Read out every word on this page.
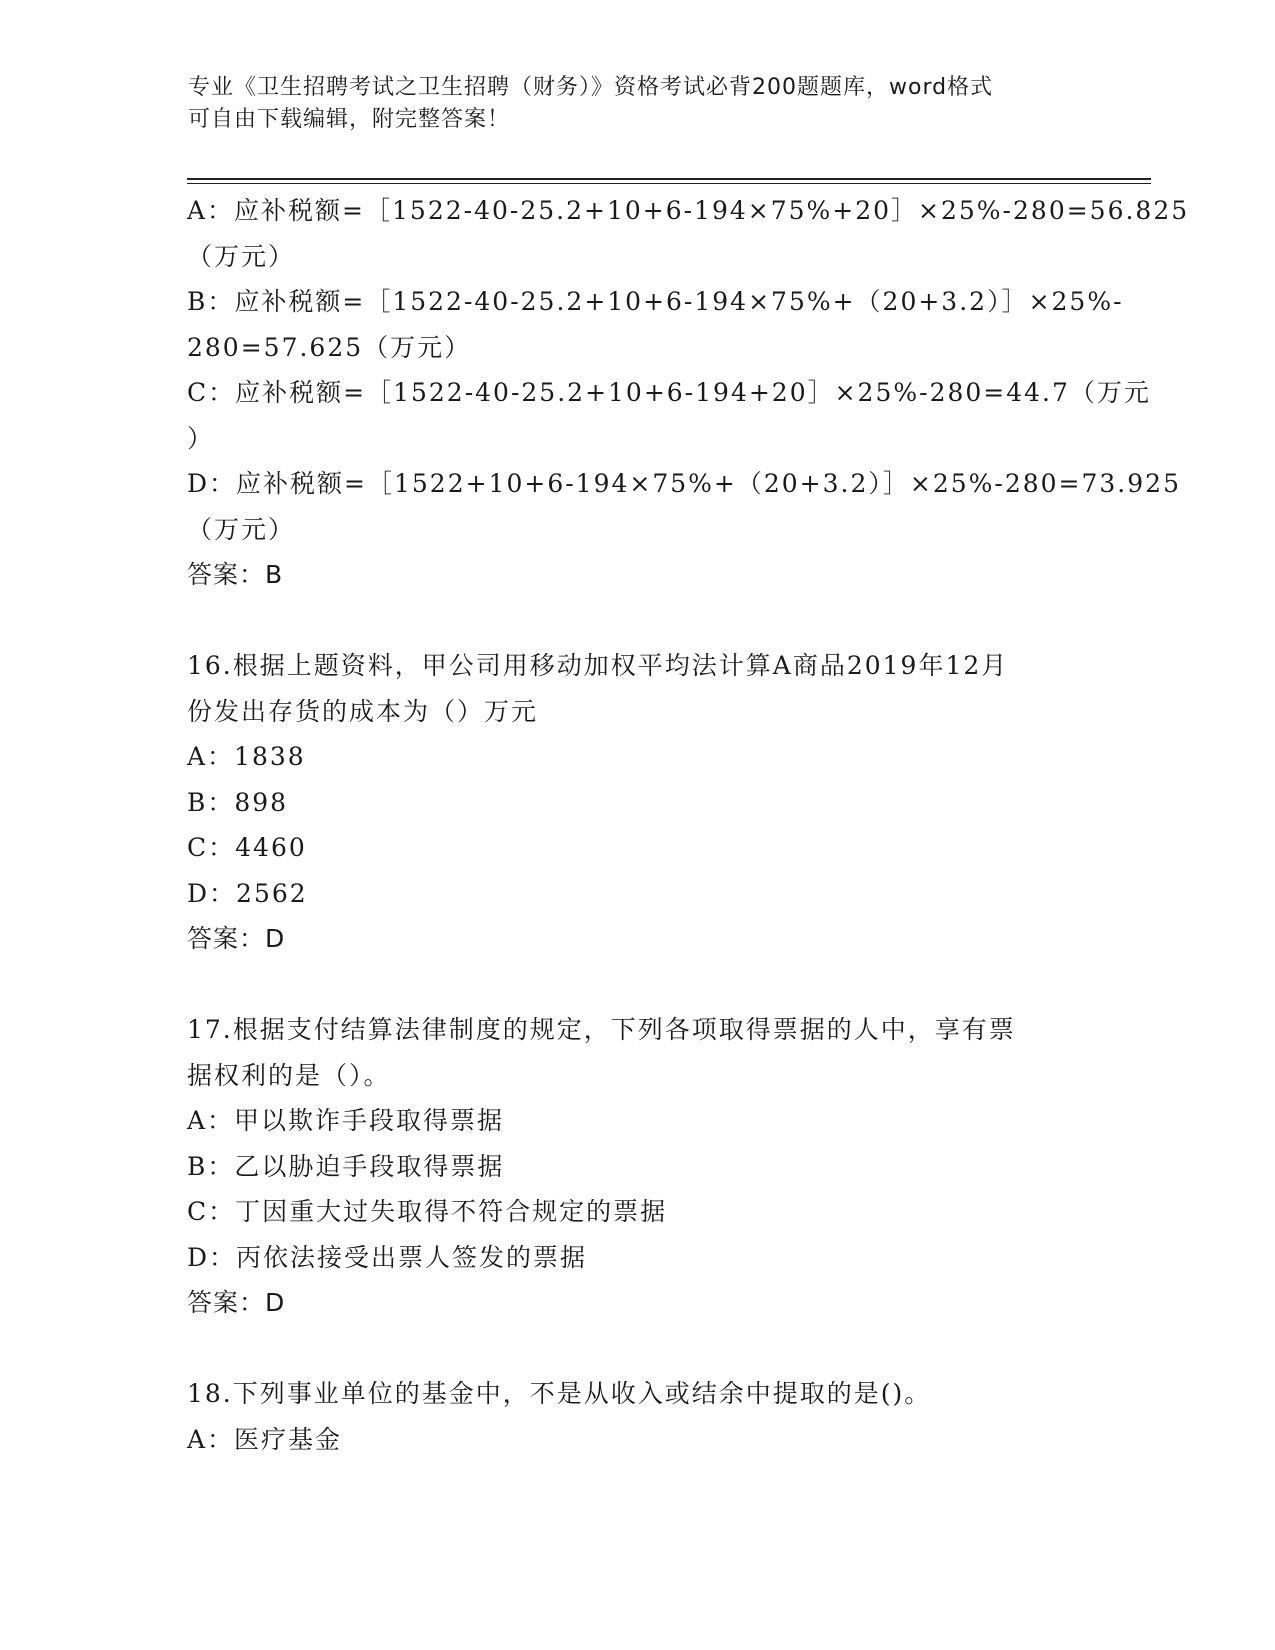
专业《卫生招聘考试之卫生招聘（财务）》资格考试必背200题题库，word格式
可自由下载编辑，附完整答案！
A：应补税额=［1522-40-25.2+10+6-194×75%+20］×25%-280=56.825
（万元）
B：应补税额=［1522-40-25.2+10+6-194×75%+（20+3.2）］×25%-
280=57.625（万元）
C：应补税额=［1522-40-25.2+10+6-194+20］×25%-280=44.7（万元
）
D：应补税额=［1522+10+6-194×75%+（20+3.2）］×25%-280=73.925
（万元）
答案：B
16.根据上题资料，甲公司用移动加权平均法计算A商品2019年12月
份发出存货的成本为（）万元
A：1838
B：898
C：4460
D：2562
答案：D
17.根据支付结算法律制度的规定，下列各项取得票据的人中，享有票
据权利的是（）。
A：甲以欺诈手段取得票据
B：乙以胁迫手段取得票据
C：丁因重大过失取得不符合规定的票据
D：丙依法接受出票人签发的票据
答案：D
18.下列事业单位的基金中，不是从收入或结余中提取的是()。
A：医疗基金
